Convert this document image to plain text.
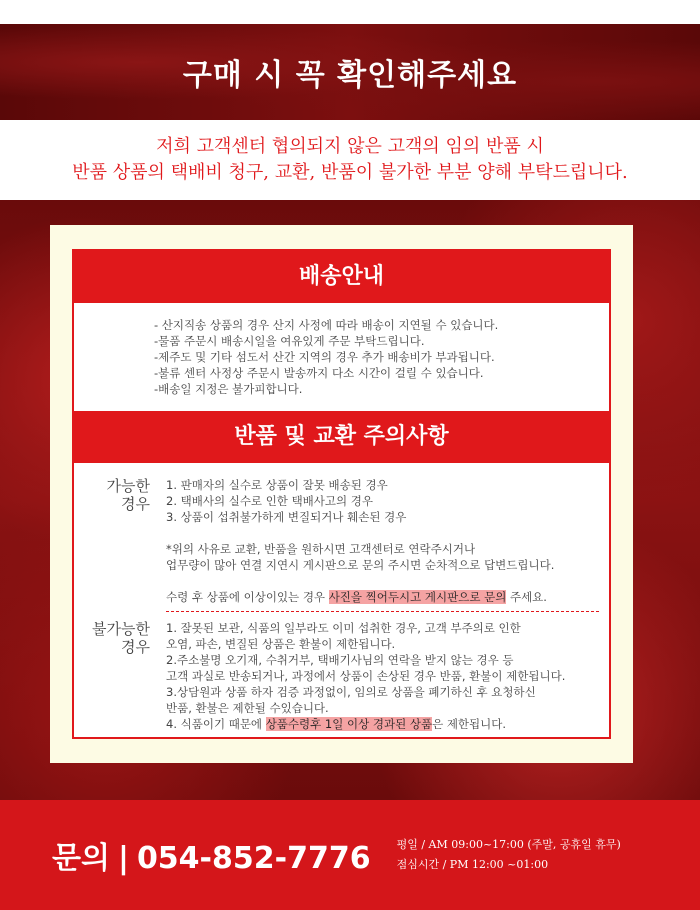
구매 시 꼭 확인해주세요
저희 고객센터 협의되지 않은 고객의 임의 반품 시
반품 상품의 택배비 청구, 교환, 반품이 불가한 부분 양해 부탁드립니다.
배송안내
- 산지직송 상품의 경우 산지 사정에 따라 배송이 지연될 수 있습니다.
-물품 주문시 배송시일을 여유있게 주문 부탁드립니다.
-제주도 및 기타 섬도서 산간 지역의 경우 추가 배송비가 부과됩니다.
-불류 센터 사정상 주문시 발송까지 다소 시간이 걸릴 수 있습니다.
-배송일 지정은 불가피합니다.
반품 및 교환 주의사항
가능한
경우
1. 판매자의 실수로 상품이 잘못 배송된 경우
2. 택배사의 실수로 인한 택배사고의 경우
3. 상품이 섭취불가하게 변질되거나 훼손된 경우
*위의 사유로 교환, 반품을 원하시면 고객센터로 연락주시거나
업무량이 많아 연결 지연시 게시판으로 문의 주시면 순차적으로 답변드립니다.
수령 후 상품에 이상이있는 경우 사진을 찍어두시고 게시판으로 문의 주세요.
불가능한
경우
1. 잘못된 보관, 식품의 일부라도 이미 섭취한 경우, 고객 부주의로 인한
오염, 파손, 변질된 상품은 환불이 제한됩니다.
2.주소불명 오기재, 수취거부, 택배기사님의 연락을 받지 않는 경우 등
고객 과실로 반송되거나, 과정에서 상품이 손상된 경우 반품, 환불이 제한됩니다.
3.상담원과 상품 하자 검증 과정없이, 임의로 상품을 폐기하신 후 요청하신
반품, 환불은 제한될 수있습니다.
4. 식품이기 때문에 상품수령후 1일 이상 경과된 상품은 제한됩니다.
문의 | 054-852-7776 평일 / AM 09:00~17:00 (주말, 공휴일 휴무)
점심시간 / PM 12:00 ~01:00
